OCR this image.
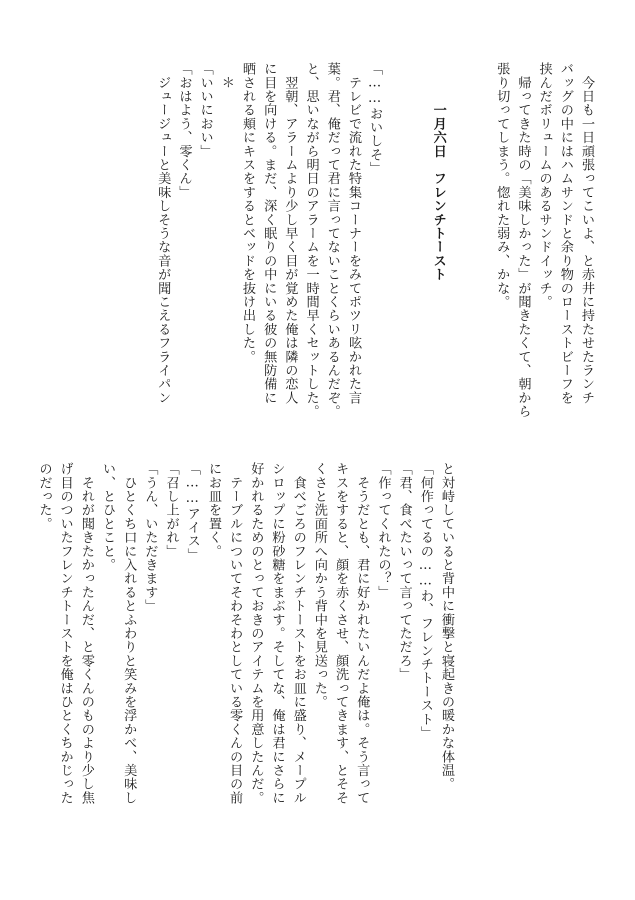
　今日も一日頑張ってこいよ、と赤井に持たせたランチ
バッグの中にはハムサンドと余り物のローストビーフを
挟んだボリュームのあるサンドイッチ。
　帰ってきた時の「美味しかった」が聞きたくて、朝から
張り切ってしまう。惚れた弱み、かな。
　　　一月六日　フレンチトースト
「……おいしそ」
　テレビで流れた特集コーナーをみてポツリ呟かれた言
葉。君、俺だって君に言ってないことくらいあるんだぞ。
と、思いながら明日のアラームを一時間早くセットした。
　翌朝、アラームより少し早く目が覚めた俺は隣の恋人
に目を向ける。まだ、深く眠りの中にいる彼の無防備に
晒される頬にキスをするとベッドを抜け出した。
　＊
「いいにおい」
「おはよう、零くん」
　ジュージューと美味しそうな音が聞こえるフライパン
と対峙していると背中に衝撃と寝起きの暖かな体温。
「何作ってるの……わ、フレンチトースト」
「君、食べたいって言ってただろ」
「作ってくれたの？」
　そうだとも、君に好かれたいんだよ俺は。そう言って
キスをすると、顔を赤くさせ、顔洗ってきます、とそそ
くさと洗面所へ向かう背中を見送った。
　食べごろのフレンチトーストをお皿に盛り、メープル
シロップに粉砂糖をまぶす。そしてな、俺は君にさらに
好かれるためのとっておきのアイテムを用意したんだ。
　テーブルについてそわそわとしている零くんの目の前
にお皿を置く。
「……アイス」
「召し上がれ」
「うん、いただきます」
　ひとくち口に入れるとふわりと笑みを浮かべ、美味し
い、とひとこと。
　それが聞きたかったんだ、と零くんのものより少し焦
げ目のついたフレンチトーストを俺はひとくちかじった
のだった。
